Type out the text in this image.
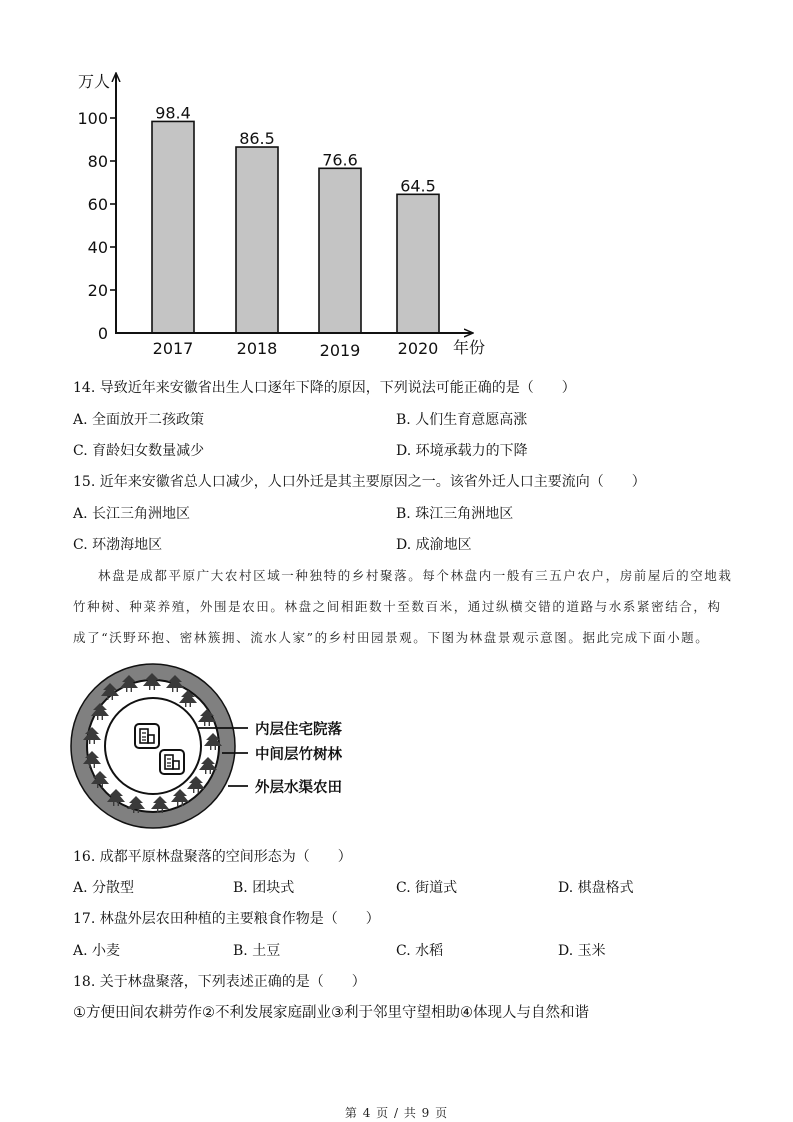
98.4
2017
86.5
2018
76.6
2019
64.5
2020
0
20
40
60
80
100
万人
年份
14. 导致近年来安徽省出生人口逐年下降的原因，下列说法可能正确的是（　　）
A. 全面放开二孩政策	B. 人们生育意愿高涨
C. 育龄妇女数量减少	D. 环境承载力的下降
15. 近年来安徽省总人口减少，人口外迁是其主要原因之一。该省外迁人口主要流向（　　）
A. 长江三角洲地区	B. 珠江三角洲地区
C. 环渤海地区	D. 成渝地区
林盘是成都平原广大农村区域一种独特的乡村聚落。每个林盘内一般有三五户农户，房前屋后的空地栽竹种树、种菜养殖，外围是农田。林盘之间相距数十至数百米，通过纵横交错的道路与水系紧密结合，构成了“沃野环抱、密林簇拥、流水人家”的乡村田园景观。下图为林盘景观示意图。据此完成下面小题。
内层住宅院落
中间层竹树林
外层水渠农田
16. 成都平原林盘聚落的空间形态为（　　）
A. 分散型	B. 团块式	C. 街道式	D. 棋盘格式
17. 林盘外层农田种植的主要粮食作物是（　　）
A. 小麦	B. 土豆	C. 水稻	D. 玉米
18. 关于林盘聚落，下列表述正确的是（　　）
①方便田间农耕劳作②不利发展家庭副业③利于邻里守望相助④体现人与自然和谐
第 4 页 / 共 9 页
